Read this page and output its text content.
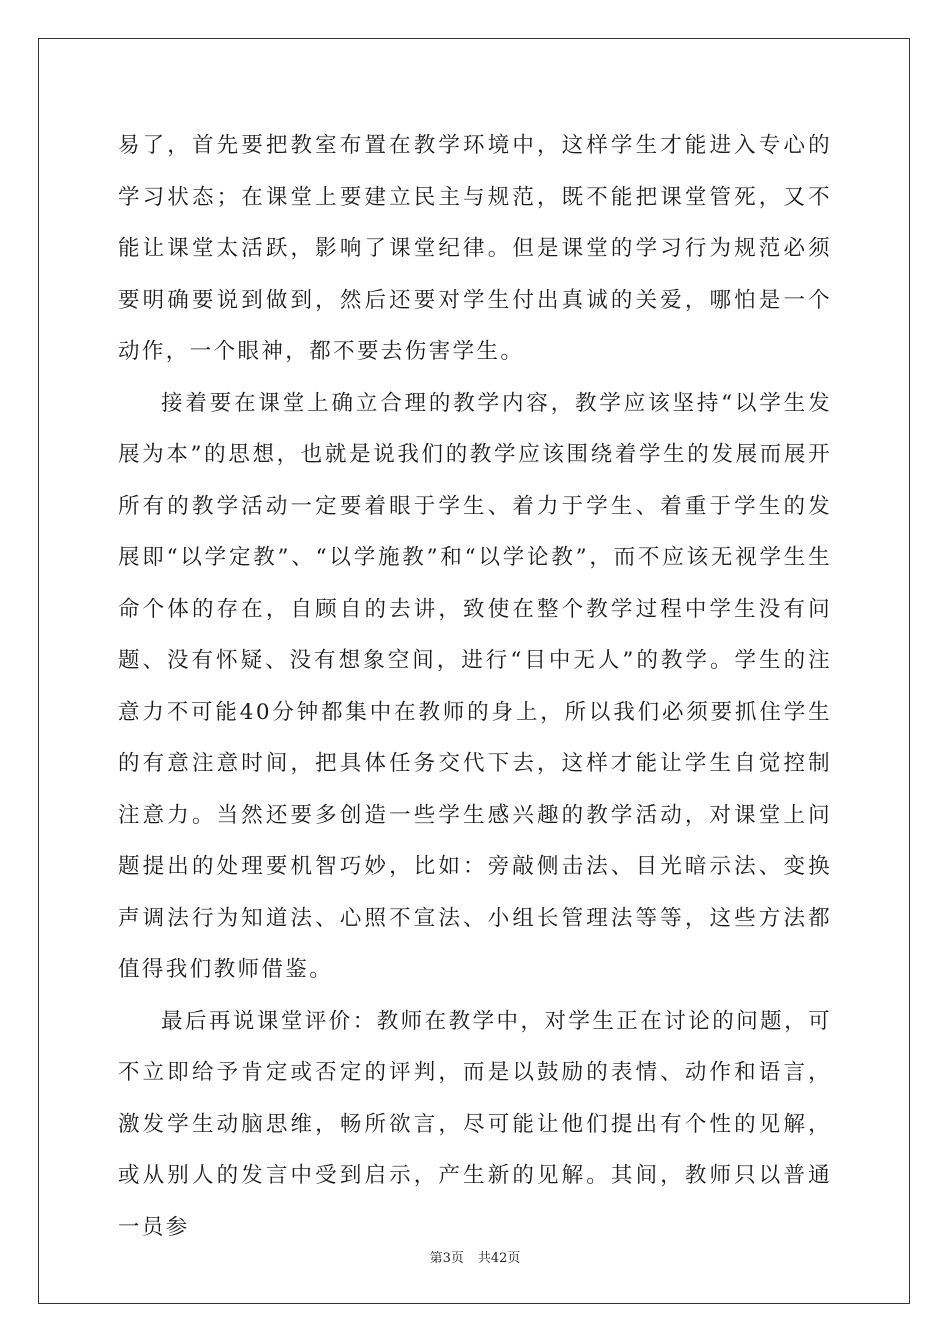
易了，首先要把教室布置在教学环境中，这样学生才能进入专心的学习状态；在课堂上要建立民主与规范，既不能把课堂管死，又不能让课堂太活跃，影响了课堂纪律。但是课堂的学习行为规范必须要明确要说到做到，然后还要对学生付出真诚的关爱，哪怕是一个动作，一个眼神，都不要去伤害学生。

接着要在课堂上确立合理的教学内容，教学应该坚持“以学生发展为本”的思想，也就是说我们的教学应该围绕着学生的发展而展开所有的教学活动一定要着眼于学生、着力于学生、着重于学生的发展即“以学定教”、“以学施教”和“以学论教”，而不应该无视学生生命个体的存在，自顾自的去讲，致使在整个教学过程中学生没有问题、没有怀疑、没有想象空间，进行“目中无人”的教学。学生的注意力不可能40分钟都集中在教师的身上，所以我们必须要抓住学生的有意注意时间，把具体任务交代下去，这样才能让学生自觉控制注意力。当然还要多创造一些学生感兴趣的教学活动，对课堂上问题提出的处理要机智巧妙，比如：旁敲侧击法、目光暗示法、变换声调法行为知道法、心照不宣法、小组长管理法等等，这些方法都值得我们教师借鉴。

最后再说课堂评价：教师在教学中，对学生正在讨论的问题，可不立即给予肯定或否定的评判，而是以鼓励的表情、动作和语言，激发学生动脑思维，畅所欲言，尽可能让他们提出有个性的见解，或从别人的发言中受到启示，产生新的见解。其间，教师只以普通一员参

第3页 共42页
